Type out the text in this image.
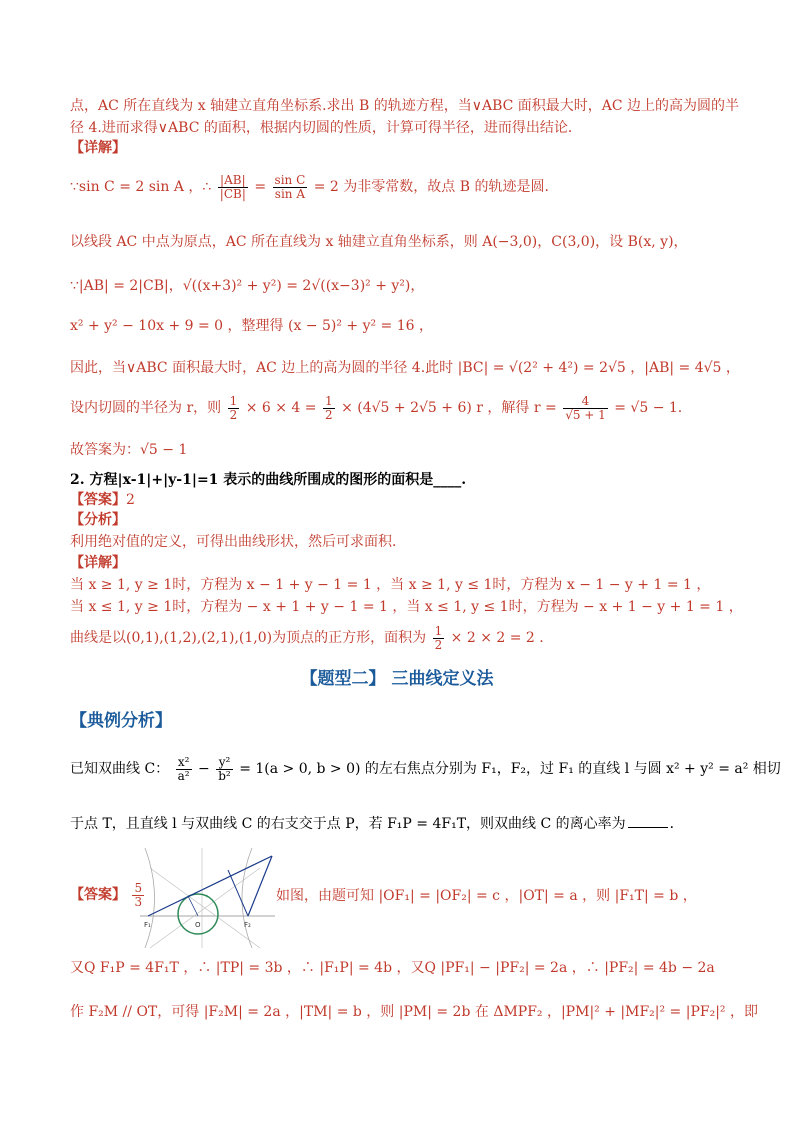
点，AC 所在直线为 x 轴建立直角坐标系.求出 B 的轨迹方程，当∨ABC 面积最大时，AC 边上的高为圆的半
径 4.进而求得∨ABC 的面积，根据内切圆的性质，计算可得半径，进而得出结论．
【详解】
∵sin C = 2 sin A ，∴ $\frac{|AB|}{|CB|} = \frac{\text{sin C}}{\text{sin A}} = 2$ 为非零常数，故点 B 的轨迹是圆.
以线段 AC 中点为原点，AC 所在直线为 x 轴建立直角坐标系，则 A(−3,0)，C(3,0)，设 B(x, y)，
∵|AB| = 2|CB|，√((x+3)² + y²) = 2√((x−3)² + y²)，
x² + y² − 10x + 9 = 0 ，整理得 (x − 5)² + y² = 16 ，
因此，当∨ABC 面积最大时，AC 边上的高为圆的半径 4.此时 |BC| = √(2² + 4²) = 2√5 ，|AB| = 4√5 ，
设内切圆的半径为 r，则 $\frac{1}{2} \times 6 \times 4 = \frac{1}{2} \times (4√5 + 2√5 + 6)$ r ，解得 $r = \frac{4}{√5 + 1} = √5 - 1$.
故答案为：√5 − 1
2. 方程|x-1|+|y-1|=1 表示的曲线所围成的图形的面积是____.
【答案】2
【分析】
利用绝对值的定义，可得出曲线形状，然后可求面积．
【详解】
当 x ≥ 1, y ≥ 1时，方程为 x − 1 + y − 1 = 1 ，当 x ≥ 1, y ≤ 1时，方程为 x − 1 − y + 1 = 1 ，
当 x ≤ 1, y ≥ 1时，方程为 − x + 1 + y − 1 = 1 ，当 x ≤ 1, y ≤ 1时，方程为 − x + 1 − y + 1 = 1 ，
曲线是以(0,1),(1,2),(2,1),(1,0)为顶点的正方形，面积为 $\frac{1}{2} \times 2 \times 2 = 2$ .
【题型二】 三曲线定义法
【典例分析】
已知双曲线 C： $\frac{\text{x²}}{\text{a²}} - \frac{\text{y²}}{\text{b²}} = 1(a > 0$, b > 0) 的左右焦点分别为 F₁，F₂，过 F₁ 的直线 l 与圆 x² + y² = a² 相切
于点 T，且直线 l 与双曲线 C 的右支交于点 P，若 F₁P = 4F₁T，则双曲线 C 的离心率为	．
【答案】 $\frac{5}{3}$
F₁	O	F₂
如图，由题可知 |OF₁| = |OF₂| = c ，|OT| = a ，则 |F₁T| = b ，
又Q F₁P = 4F₁T ，∴ |TP| = 3b ，∴ |F₁P| = 4b ，又Q |PF₁| − |PF₂| = 2a ，∴ |PF₂| = 4b − 2a
作 F₂M // OT，可得 |F₂M| = 2a ，|TM| = b ，则 |PM| = 2b 在 ΔMPF₂ ，|PM|² + |MF₂|² = |PF₂|² ，即
